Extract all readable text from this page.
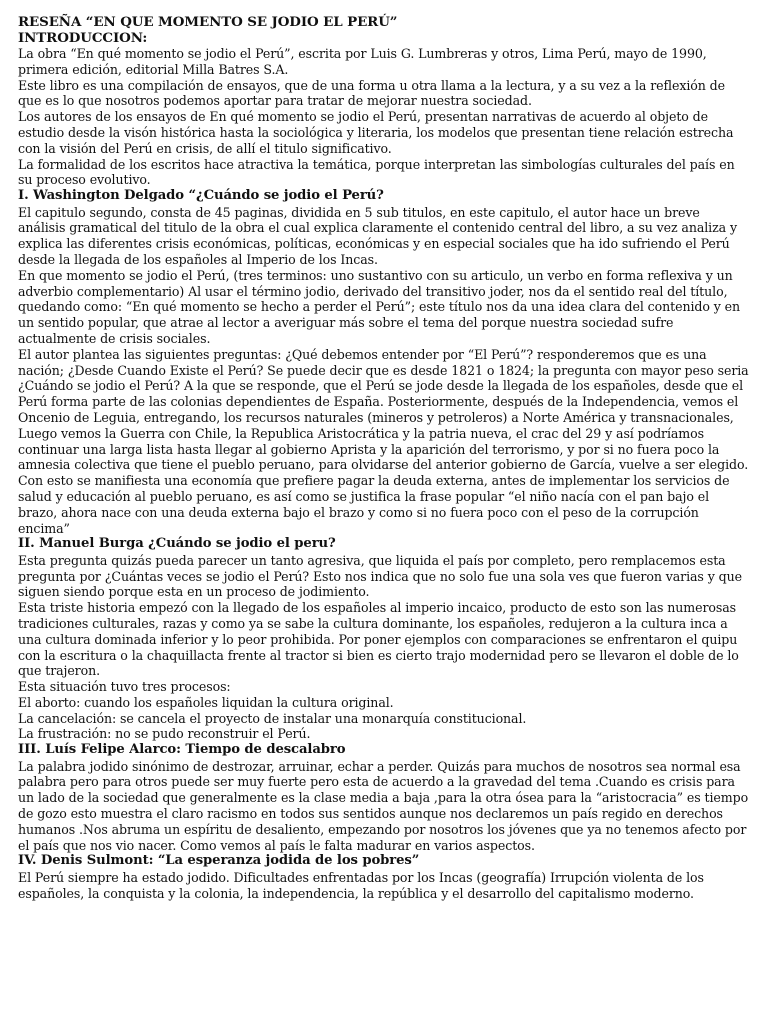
RESEÑA “EN QUE MOMENTO SE JODIO EL PERÚ”
INTRODUCCION:

La obra “En qué momento se jodio el Perú”, escrita por Luis G. Lumbreras y otros, Lima Perú, mayo de 1990, primera edición, editorial Milla Batres S.A.

Este libro es una compilación de ensayos, que de una forma u otra llama a la lectura, y a su vez a la reflexión de que es lo que nosotros podemos aportar para tratar de mejorar nuestra sociedad.

Los autores de los ensayos de En qué momento se jodio el Perú, presentan narrativas de acuerdo al objeto de estudio desde la visón histórica hasta la sociológica y literaria, los modelos que presentan tiene relación estrecha con la visión del Perú en crisis, de allí el titulo significativo.

La formalidad de los escritos hace atractiva la temática, porque interpretan las simbologías culturales del país en su proceso evolutivo.

I. Washington Delgado “¿Cuándo se jodio el Perú?

El capitulo segundo, consta de 45 paginas, dividida en 5 sub titulos, en este capitulo, el autor hace un breve análisis gramatical del titulo de la obra el cual explica claramente el contenido central del libro, a su vez analiza y explica las diferentes crisis económicas, políticas, económicas y en especial sociales que ha ido sufriendo el Perú desde la llegada de los españoles al Imperio de los Incas.

En que momento se jodio el Perú, (tres terminos: uno sustantivo con su articulo, un verbo en forma reflexiva y un adverbio complementario) Al usar el término jodio, derivado del transitivo joder, nos da el sentido real del título, quedando como: “En qué momento se hecho a perder el Perú”; este título nos da una idea clara del contenido y en un sentido popular, que atrae al lector a averiguar más sobre el tema del porque nuestra sociedad sufre actualmente de crisis sociales.

El autor plantea las siguientes preguntas: ¿Qué debemos entender por “El Perú”? responderemos que es una nación; ¿Desde Cuando Existe el Perú? Se puede decir que es desde 1821 o 1824; la pregunta con mayor peso seria ¿Cuándo se jodio el Perú? A la que se responde, que el Perú se jode desde la llegada de los españoles, desde que el Perú forma parte de las colonias dependientes de España. Posteriormente, después de la Independencia, vemos el Oncenio de Leguia, entregando, los recursos naturales (mineros y petroleros) a Norte América y transnacionales, Luego vemos la Guerra con Chile, la Republica Aristocrática y la patria nueva, el crac del 29 y así podríamos continuar una larga lista hasta llegar al gobierno Aprista y la aparición del terrorismo, y por si no fuera poco la amnesia colectiva que tiene el pueblo peruano, para olvidarse del anterior gobierno de García, vuelve a ser elegido.

Con esto se manifiesta una economía que prefiere pagar la deuda externa, antes de implementar los servicios de salud y educación al pueblo peruano, es así como se justifica la frase popular “el niño nacía con el pan bajo el brazo, ahora nace con una deuda externa bajo el brazo y como si no fuera poco con el peso de la corrupción encima”

II. Manuel Burga ¿Cuándo se jodio el peru?

Esta pregunta quizás pueda parecer un tanto agresiva, que liquida el país por completo, pero remplacemos esta pregunta por ¿Cuántas veces se jodio el Perú? Esto nos indica que no solo fue una sola ves que fueron varias y que siguen siendo porque esta en un proceso de jodimiento.

Esta triste historia empezó con la llegado de los españoles al imperio incaico, producto de esto son las numerosas tradiciones culturales, razas y como ya se sabe la cultura dominante, los españoles, redujeron a la cultura inca a una cultura dominada inferior y lo peor prohibida. Por poner ejemplos con comparaciones se enfrentaron el quipu con la escritura o la chaquillacta frente al tractor si bien es cierto trajo modernidad pero se llevaron el doble de lo que trajeron.

Esta situación tuvo tres procesos:

El aborto: cuando los españoles liquidan la cultura original.

La cancelación: se cancela el proyecto de instalar una monarquía constitucional.

La frustración: no se pudo reconstruir el Perú.

III. Luís Felipe Alarco: Tiempo de descalabro

La palabra jodido sinónimo de destrozar, arruinar, echar a perder. Quizás para muchos de nosotros sea normal esa palabra pero para otros puede ser muy fuerte pero esta de acuerdo a la gravedad del tema .Cuando es crisis para un lado de la sociedad que generalmente es la clase media a baja ,para la otra ósea para la “aristocracia” es tiempo de gozo esto muestra el claro racismo en todos sus sentidos aunque nos declaremos un país regido en derechos humanos .Nos abruma un espíritu de desaliento, empezando por nosotros los jóvenes que ya no tenemos afecto por el país que nos vio nacer. Como vemos al país le falta madurar en varios aspectos.

IV. Denis Sulmont: “La esperanza jodida de los pobres”

El Perú siempre ha estado jodido. Dificultades enfrentadas por los Incas (geografía) Irrupción violenta de los españoles, la conquista y la colonia, la independencia, la república y el desarrollo del capitalismo moderno.
